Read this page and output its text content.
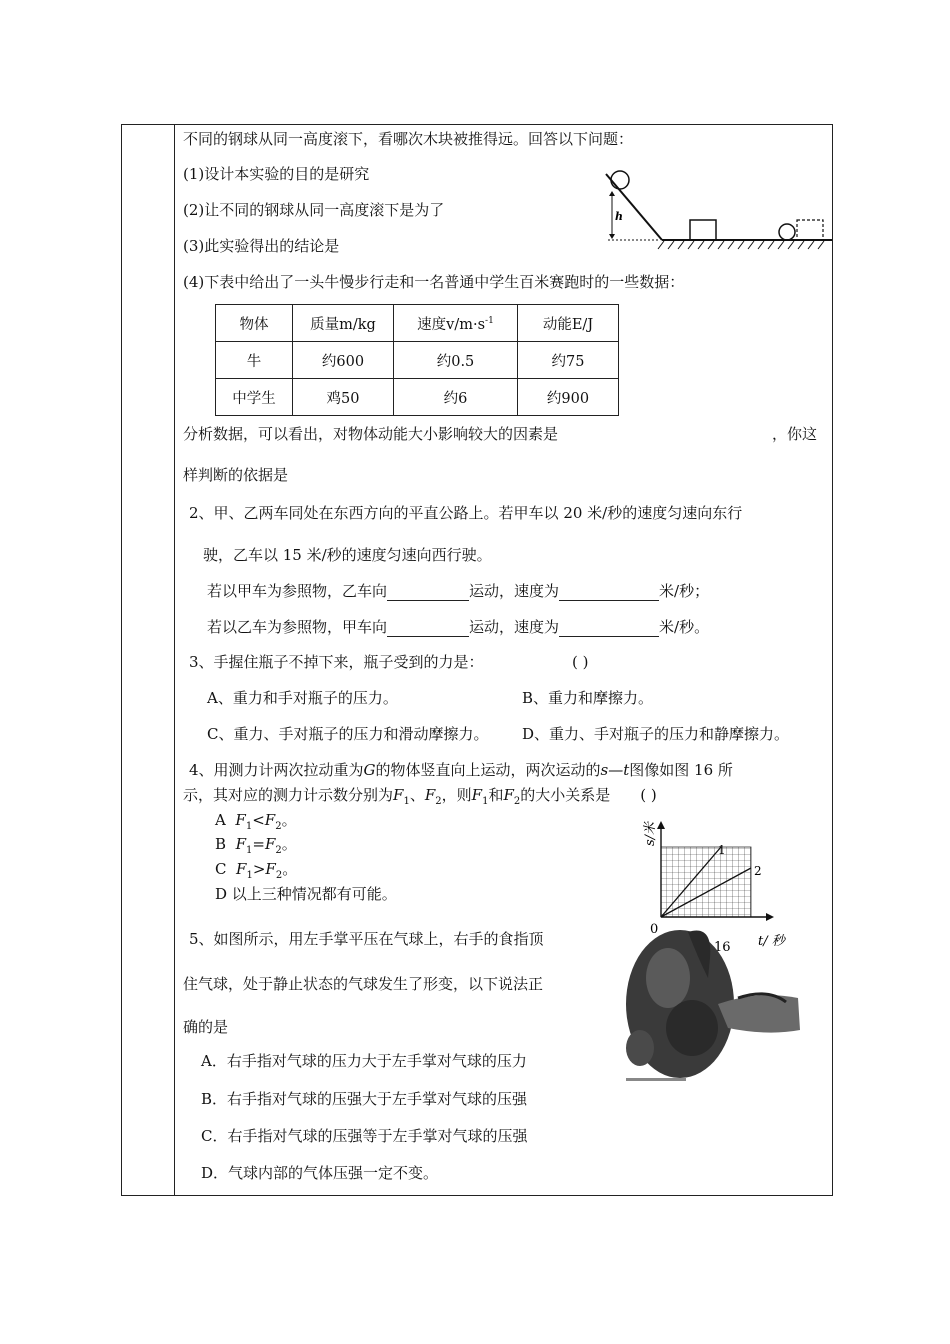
不同的钢球从同一高度滚下，看哪次木块被推得远。回答以下问题：
(1)设计本实验的目的是研究
(2)让不同的钢球从同一高度滚下是为了
(3)此实验得出的结论是
(4)下表中给出了一头牛慢步行走和一名普通中学生百米赛跑时的一些数据：
h
物体	质量m/kg	速度$v/m\cdot s^{-1}$	动能E/J
牛	约600	约0.5	约75
中学生	鸡50	约6	约900
分析数据，可以看出，对物体动能大小影响较大的因素是	，你这
样判断的依据是
2、甲、乙两车同处在东西方向的平直公路上。若甲车以 20 米/秒的速度匀速向东行
驶，乙车以 15 米/秒的速度匀速向西行驶。
若以甲车为参照物，乙车向	运动，速度为	米/秒；
若以乙车为参照物，甲车向	运动，速度为	米/秒。
3、手握住瓶子不掉下来，瓶子受到的力是：	( )
A、重力和手对瓶子的压力。	B、重力和摩擦力。
C、重力、手对瓶子的压力和滑动摩擦力。 D、重力、手对瓶子的压力和静摩擦力。
4、用测力计两次拉动重为G的物体竖直向上运动，两次运动的s—t图像如图 16 所
示，其对应的测力计示数分别为$F_1$、$F_2$，则$F_1$和$F_2$的大小关系是 ( )
A $F_1<F_2$。
B $F_1=F_2$。
C $F_1>F_2$。
D 以上三种情况都有可能。
1
2
s/米
0
16 t/ 秒
5、如图所示，用左手掌平压在气球上，右手的食指顶
住气球，处于静止状态的气球发生了形变，以下说法正
确的是
A．右手指对气球的压力大于左手掌对气球的压力
B．右手指对气球的压强大于左手掌对气球的压强
C．右手指对气球的压强等于左手掌对气球的压强
D．气球内部的气体压强一定不变。
